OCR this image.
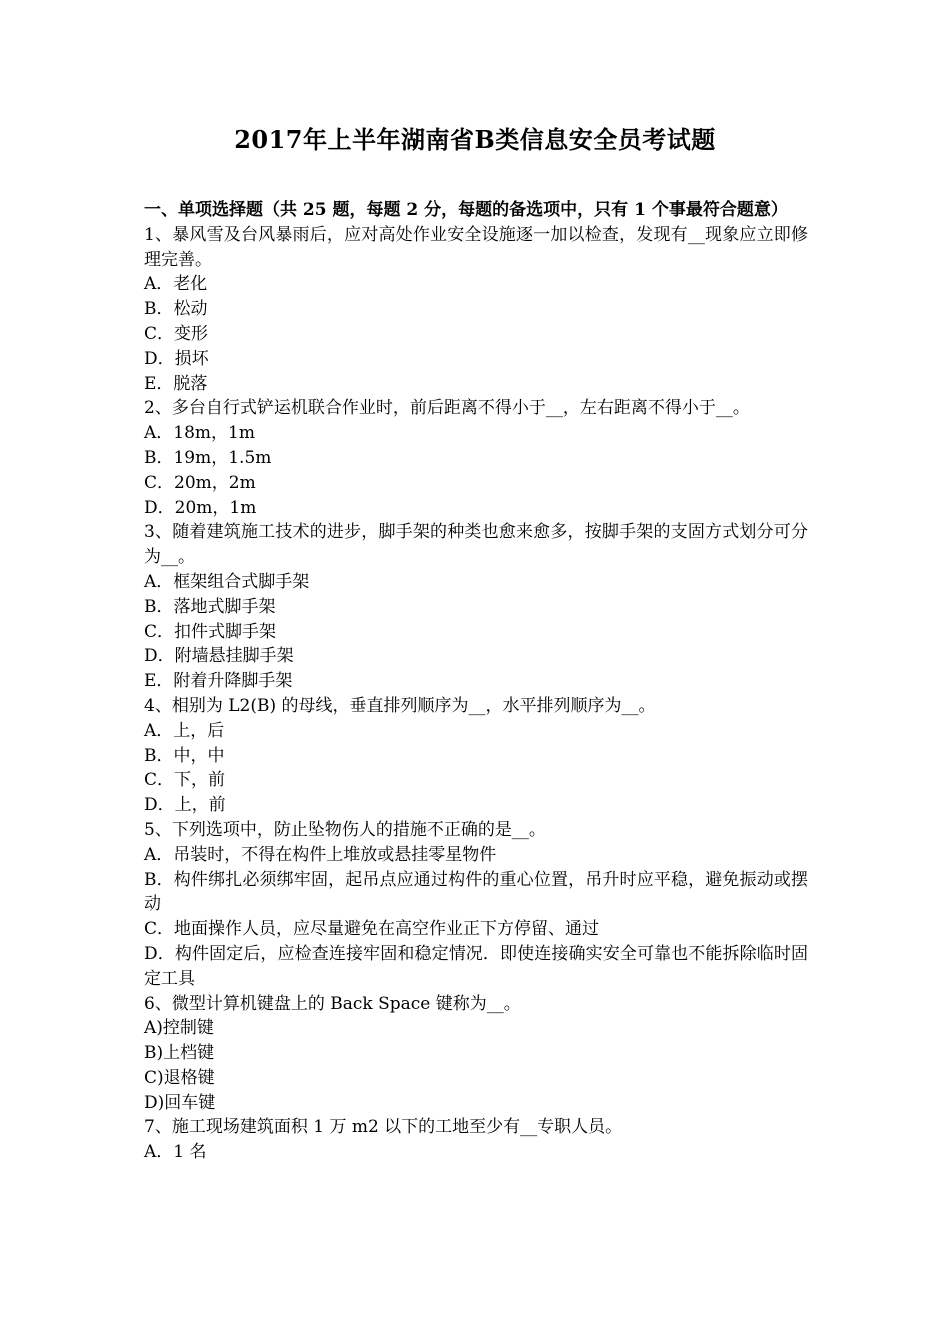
2017年上半年湖南省B类信息安全员考试题
一、单项选择题（共 25 题，每题 2 分，每题的备选项中，只有 1 个事最符合题意）
1、暴风雪及台风暴雨后，应对高处作业安全设施逐一加以检查，发现有__现象应立即修理完善。
A．老化
B．松动
C．变形
D．损坏
E．脱落
2、多台自行式铲运机联合作业时，前后距离不得小于__，左右距离不得小于__。
A．18m，1m
B．19m，1.5m
C．20m，2m
D．20m，1m
3、随着建筑施工技术的进步，脚手架的种类也愈来愈多，按脚手架的支固方式划分可分为__。
A．框架组合式脚手架
B．落地式脚手架
C．扣件式脚手架
D．附墙悬挂脚手架
E．附着升降脚手架
4、相别为 L2(B) 的母线，垂直排列顺序为__，水平排列顺序为__。
A．上，后
B．中，中
C．下，前
D．上，前
5、下列选项中，防止坠物伤人的措施不正确的是__。
A．吊装时，不得在构件上堆放或悬挂零星物件
B．构件绑扎必须绑牢固，起吊点应通过构件的重心位置，吊升时应平稳，避免振动或摆动
C．地面操作人员，应尽量避免在高空作业正下方停留、通过
D．构件固定后，应检查连接牢固和稳定情况．即使连接确实安全可靠也不能拆除临时固定工具
6、微型计算机键盘上的 Back Space 键称为__。
A)控制键
B)上档键
C)退格键
D)回车键
7、施工现场建筑面积 1 万 m2 以下的工地至少有__专职人员。
A．1 名
